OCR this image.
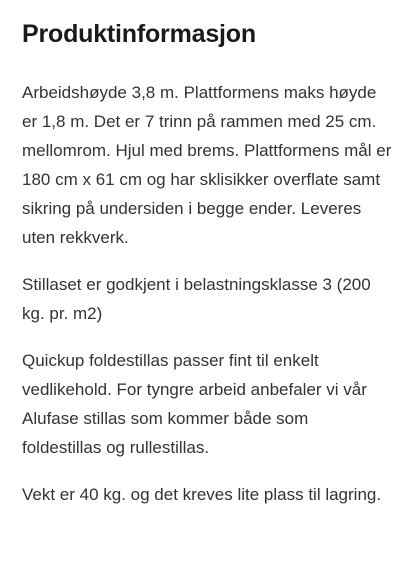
Produktinformasjon

Arbeidshøyde 3,8 m. Plattformens maks høyde er 1,8 m. Det er 7 trinn på rammen med 25 cm. mellomrom. Hjul med brems. Plattformens mål er 180 cm x 61 cm og har sklisikker overflate samt sikring på undersiden i begge ender. Leveres uten rekkverk.

Stillaset er godkjent i belastningsklasse 3 (200 kg. pr. m2)

Quickup foldestillas passer fint til enkelt vedlikehold. For tyngre arbeid anbefaler vi vår Alufase stillas som kommer både som foldestillas og rullestillas.

Vekt er 40 kg. og det kreves lite plass til lagring.
